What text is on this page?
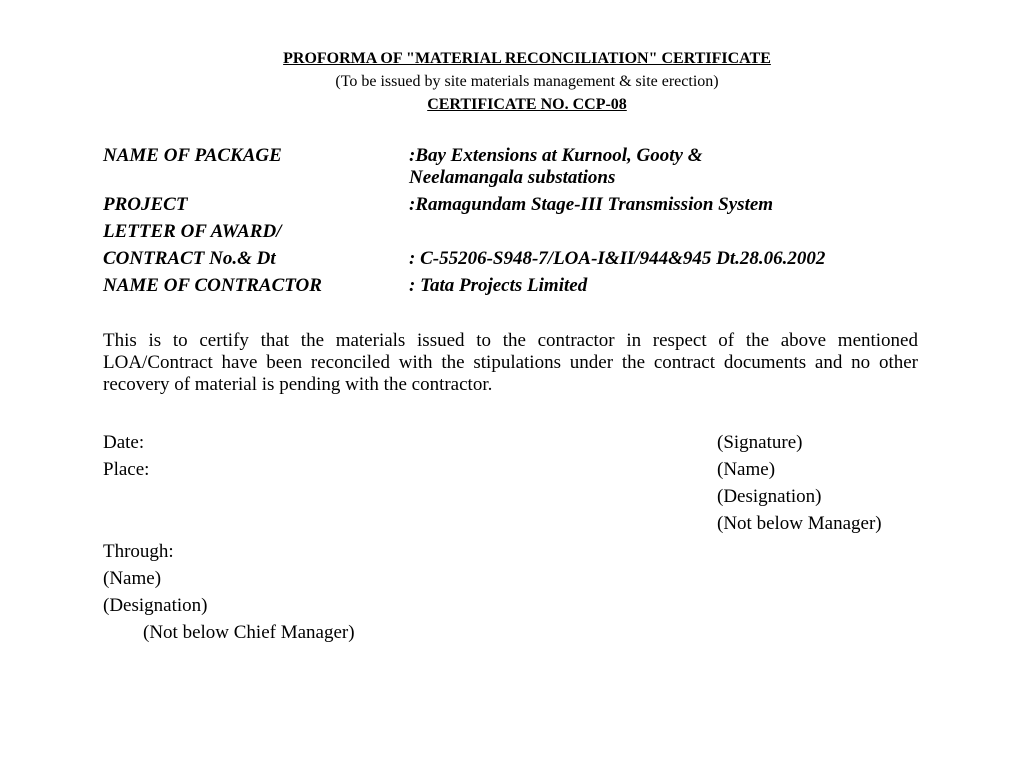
PROFORMA OF "MATERIAL RECONCILIATION" CERTIFICATE
(To be issued by site materials management & site erection)
CERTIFICATE NO. CCP-08
NAME OF PACKAGE	:Bay Extensions at Kurnool, Gooty &
Neelamangala substations
PROJECT	:Ramagundam Stage-III Transmission System
LETTER OF AWARD/
CONTRACT No.& Dt	: C-55206-S948-7/LOA-I&II/944&945 Dt.28.06.2002
NAME OF CONTRACTOR	: Tata Projects Limited
This is to certify that the materials issued to the contractor in respect of the above mentioned LOA/Contract have been reconciled with the stipulations under the contract documents and no other recovery of material is pending with the contractor.
Date:
Place:
(Signature)
(Name)
(Designation)
(Not below Manager)
Through:
(Name)
(Designation)
(Not below Chief Manager)
